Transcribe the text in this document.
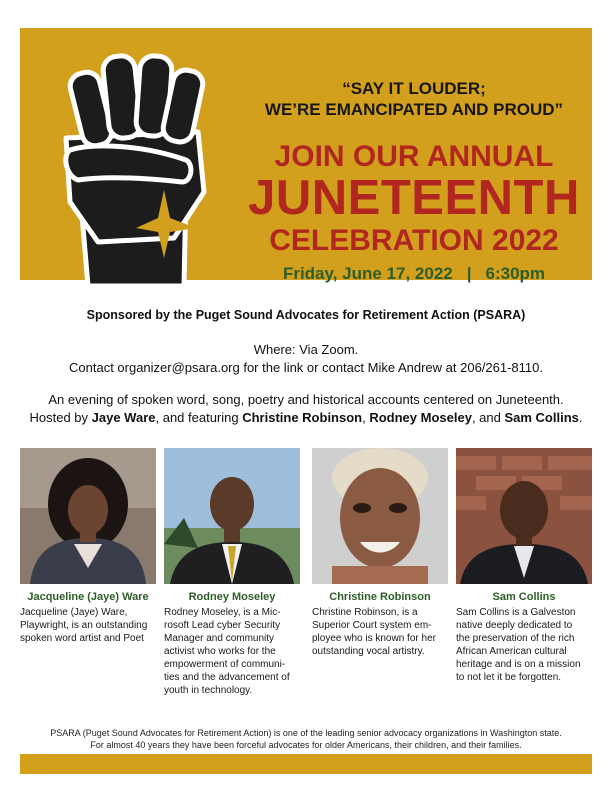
“SAY IT LOUDER;
WE’RE EMANCIPATED AND PROUD”
JOIN OUR ANNUAL
JUNETEENTH
CELEBRATION 2022
Friday, June 17, 2022 | 6:30pm
Sponsored by the Puget Sound Advocates for Retirement Action (PSARA)
Where: Via Zoom.
Contact organizer@psara.org for the link or contact Mike Andrew at 206/261-8110.
An evening of spoken word, song, poetry and historical accounts centered on Juneteenth.
Hosted by Jaye Ware, and featuring Christine Robinson, Rodney Moseley, and Sam Collins.
Jacqueline (Jaye) Ware	Rodney Moseley	Christine Robinson	Sam Collins
Jacqueline (Jaye) Ware,
Playwright, is an outstanding
spoken word artist and Poet
Rodney Moseley, is a Mic-
rosoft Lead cyber Security
Manager and community
activist who works for the
empowerment of communi-
ties and the advancement of
youth in technology.
Christine Robinson, is a
Superior Court system em-
ployee who is known for her
outstanding vocal artistry.
Sam Collins is a Galveston
native deeply dedicated to
the preservation of the rich
African American cultural
heritage and is on a mission
to not let it be forgotten.
PSARA (Puget Sound Advocates for Retirement Action) is one of the leading senior advocacy organizations in Washington state.
For almost 40 years they have been forceful advocates for older Americans, their children, and their families.
